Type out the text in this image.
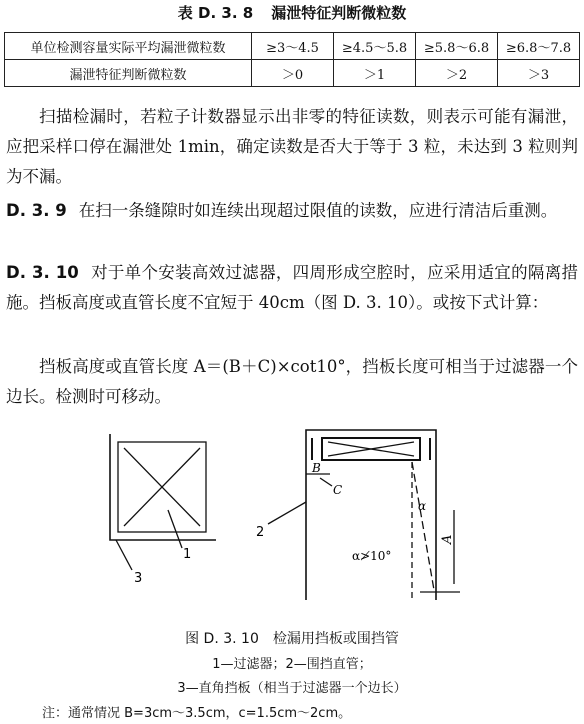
表 D. 3. 8 漏泄特征判断微粒数
单位检测容量实际平均漏泄微粒数	≥3～4.5	≥4.5～5.8	≥5.8～6.8	≥6.8～7.8
漏泄特征判断微粒数	＞0	＞1	＞2	＞3
扫描检漏时，若粒子计数器显示出非零的特征读数，则表示可能有漏泄，应把采样口停在漏泄处 1min，确定读数是否大于等于 3 粒，未达到 3 粒则判为不漏。
D. 3. 9 在扫一条缝隙时如连续出现超过限值的读数，应进行清洁后重测。
D. 3. 10 对于单个安装高效过滤器，四周形成空腔时，应采用适宜的隔离措施。挡板高度或直管长度不宜短于 40cm（图 D. 3. 10）。或按下式计算：
挡板高度或直管长度 A＝(B＋C)×cot10°，挡板长度可相当于过滤器一个边长。检测时可移动。
1
3
B
C
α
A
α≯10°
2
图 D. 3. 10　检漏用挡板或围挡管
1—过滤器；2—围挡直管；
3—直角挡板（相当于过滤器一个边长）
注：通常情况 B=3cm～3.5cm，c=1.5cm～2cm。
